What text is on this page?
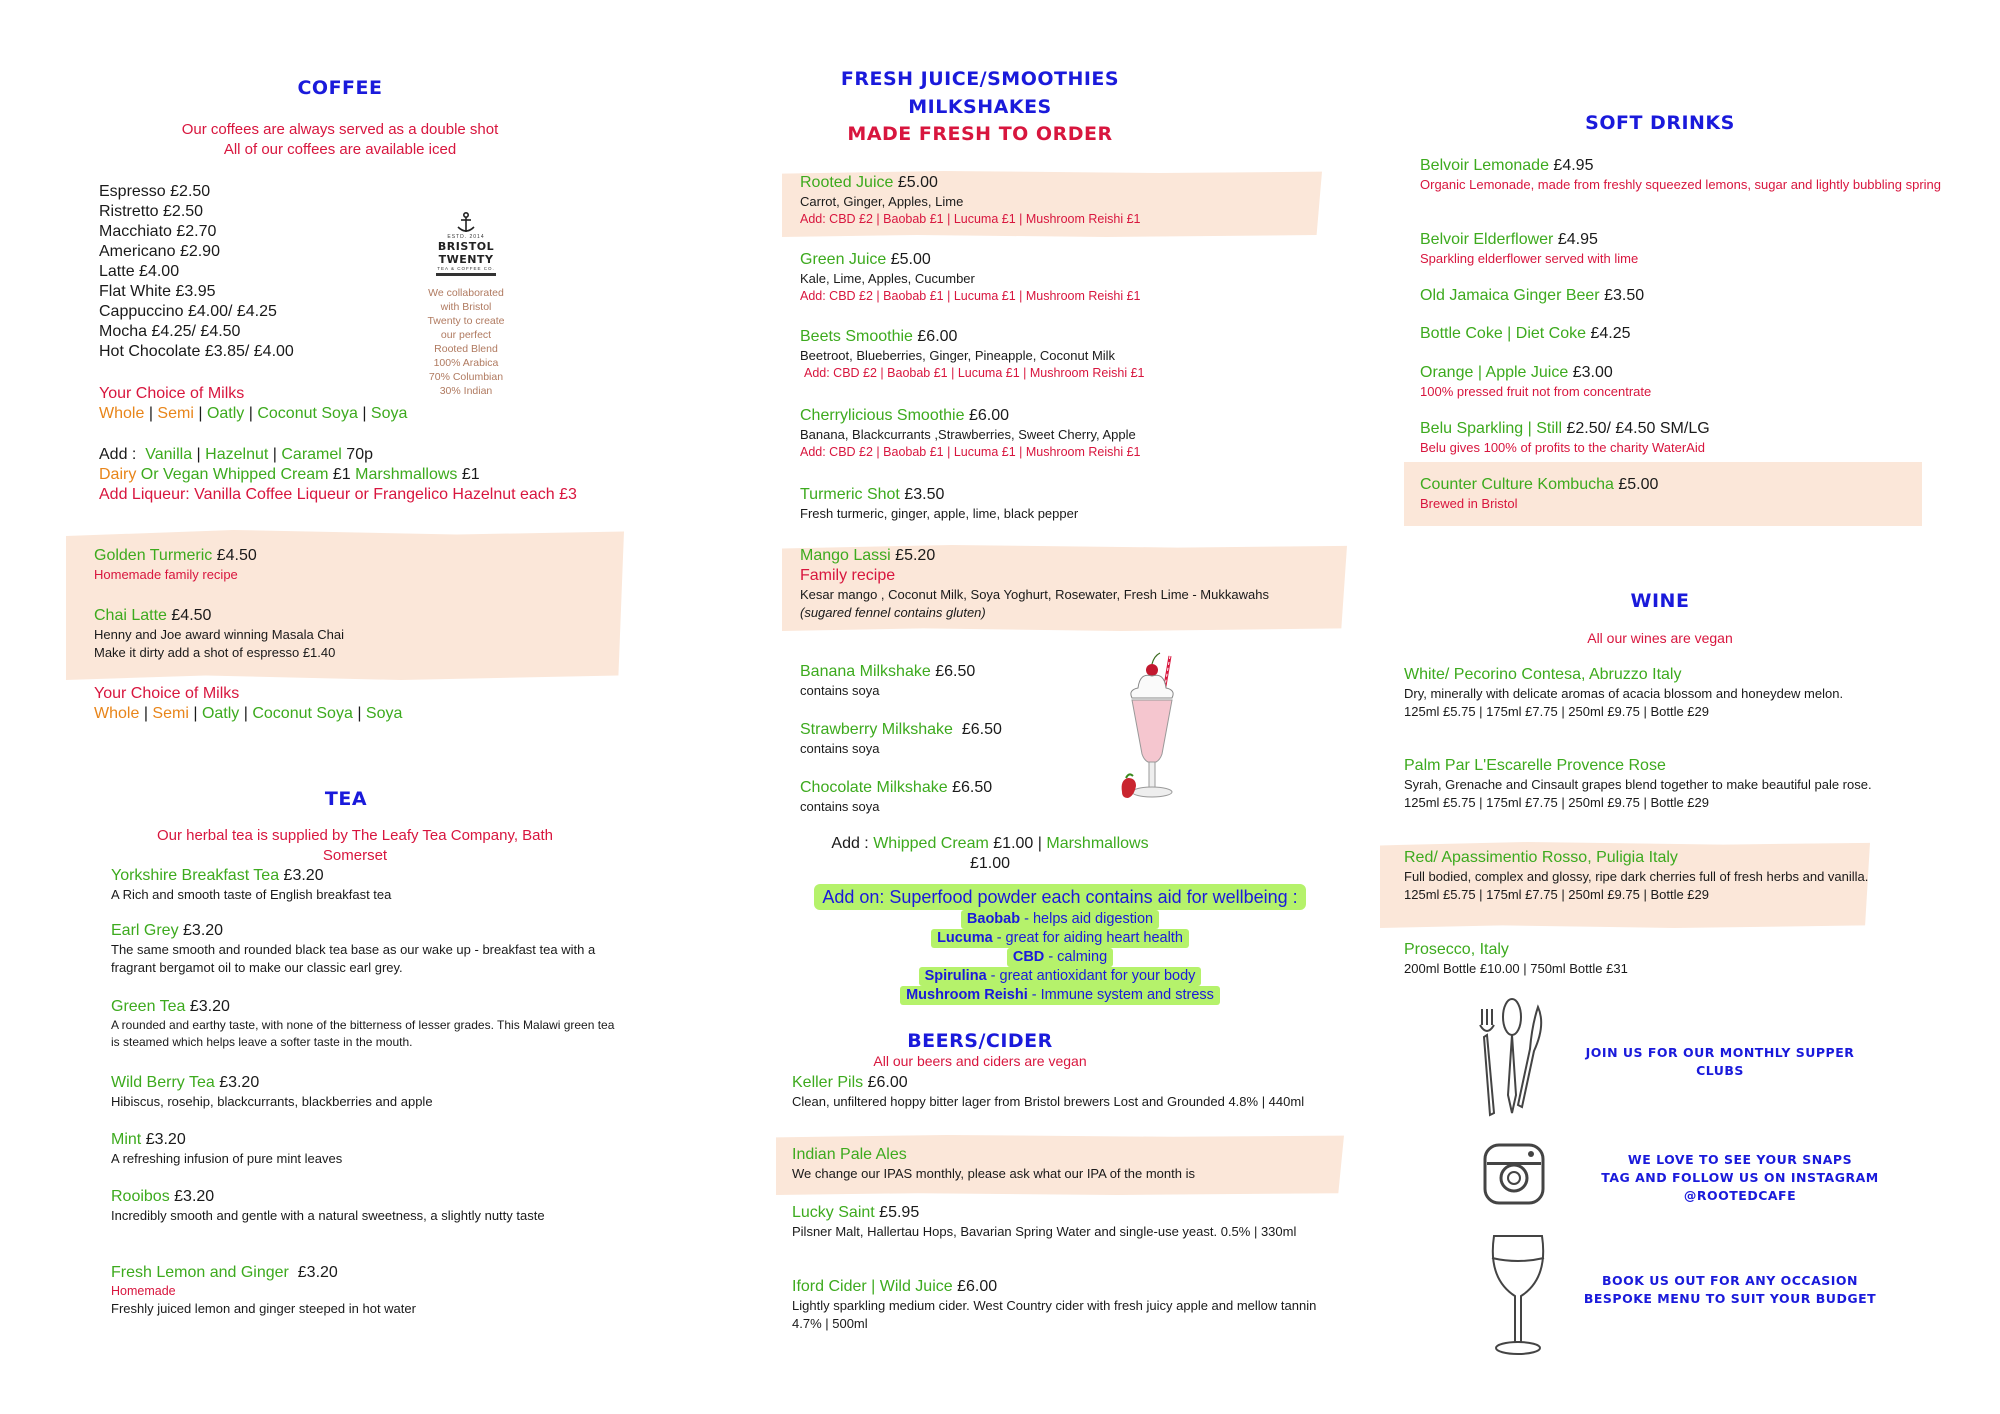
COFFEE
Our coffees are always served as a double shot
All of our coffees are available iced
Espresso £2.50
Ristretto £2.50
Macchiato £2.70
Americano £2.90
Latte £4.00
Flat White £3.95
Cappuccino £4.00/ £4.25
Mocha £4.25/ £4.50
Hot Chocolate £3.85/ £4.00
ESTD. 2014
BRISTOL TWENTY
TEA & COFFEE CO.
We collaborated
with Bristol
Twenty to create
our perfect
Rooted Blend
100% Arabica
70% Columbian
30% Indian
Your Choice of Milks
Whole | Semi | Oatly | Coconut Soya | Soya
Add : Vanilla | Hazelnut | Caramel 70p
Dairy Or Vegan Whipped Cream £1 Marshmallows £1
Add Liqueur: Vanilla Coffee Liqueur or Frangelico Hazelnut each £3
Golden Turmeric £4.50
Homemade family recipe
Chai Latte £4.50
Henny and Joe award winning Masala Chai
Make it dirty add a shot of espresso £1.40
Your Choice of Milks
Whole | Semi | Oatly | Coconut Soya | Soya
TEA
Our herbal tea is supplied by The Leafy Tea Company, Bath
Somerset
Yorkshire Breakfast Tea £3.20
A Rich and smooth taste of English breakfast tea
Earl Grey £3.20
The same smooth and rounded black tea base as our wake up - breakfast tea with a fragrant bergamot oil to make our classic earl grey.
Green Tea £3.20
A rounded and earthy taste, with none of the bitterness of lesser grades. This Malawi green tea is steamed which helps leave a softer taste in the mouth.
Wild Berry Tea £3.20
Hibiscus, rosehip, blackcurrants, blackberries and apple
Mint £3.20
A refreshing infusion of pure mint leaves
Rooibos £3.20
Incredibly smooth and gentle with a natural sweetness, a slightly nutty taste
Fresh Lemon and Ginger £3.20
Homemade
Freshly juiced lemon and ginger steeped in hot water
FRESH JUICE/SMOOTHIES
MILKSHAKES
MADE FRESH TO ORDER
Rooted Juice £5.00
Carrot, Ginger, Apples, Lime
Add: CBD £2 | Baobab £1 | Lucuma £1 | Mushroom Reishi £1
Green Juice £5.00
Kale, Lime, Apples, Cucumber
Add: CBD £2 | Baobab £1 | Lucuma £1 | Mushroom Reishi £1
Beets Smoothie £6.00
Beetroot, Blueberries, Ginger, Pineapple, Coconut Milk
Add: CBD £2 | Baobab £1 | Lucuma £1 | Mushroom Reishi £1
Cherrylicious Smoothie £6.00
Banana, Blackcurrants ,Strawberries, Sweet Cherry, Apple
Add: CBD £2 | Baobab £1 | Lucuma £1 | Mushroom Reishi £1
Turmeric Shot £3.50
Fresh turmeric, ginger, apple, lime, black pepper
Mango Lassi £5.20
Family recipe
Kesar mango , Coconut Milk, Soya Yoghurt, Rosewater, Fresh Lime - Mukkawahs  (sugared fennel contains gluten)
Banana Milkshake £6.50
contains soya
Strawberry Milkshake £6.50
contains soya
Chocolate Milkshake £6.50
contains soya
Add : Whipped Cream £1.00 | Marshmallows
£1.00
Add on: Superfood powder each contains aid for wellbeing :
Baobab - helps aid digestion
Lucuma - great for aiding heart health
CBD - calming
Spirulina - great antioxidant for your body
Mushroom Reishi - Immune system and stress
BEERS/CIDER
All our beers and ciders are vegan
Keller Pils £6.00
Clean, unfiltered hoppy bitter lager from Bristol brewers Lost and Grounded 4.8% | 440ml
Indian Pale Ales
We change our IPAS monthly, please ask what our IPA of the month is
Lucky Saint £5.95
Pilsner Malt, Hallertau Hops, Bavarian Spring Water and single-use yeast. 0.5% | 330ml
Iford Cider | Wild Juice £6.00
Lightly sparkling medium cider. West Country cider with fresh juicy apple and mellow tannin 4.7% | 500ml
SOFT DRINKS
Belvoir Lemonade £4.95
Organic Lemonade, made from freshly squeezed lemons, sugar and lightly bubbling spring
Belvoir Elderflower £4.95
Sparkling elderflower served with lime
Old Jamaica Ginger Beer £3.50
Bottle Coke | Diet Coke £4.25
Orange | Apple Juice £3.00
100% pressed fruit not from concentrate
Belu Sparkling | Still £2.50/ £4.50 SM/LG
Belu gives 100% of profits to the charity WaterAid
Counter Culture Kombucha £5.00
Brewed in Bristol
WINE
All our wines are vegan
White/ Pecorino Contesa, Abruzzo Italy
Dry, minerally with delicate aromas of acacia blossom and honeydew melon.
125ml £5.75 | 175ml £7.75 | 250ml £9.75 | Bottle £29
Palm Par L'Escarelle Provence Rose
Syrah, Grenache and Cinsault grapes blend together to make beautiful pale rose.
125ml £5.75 | 175ml £7.75 | 250ml £9.75 | Bottle £29
Red/ Apassimentio Rosso, Puligia Italy
Full bodied, complex and glossy, ripe dark cherries full of fresh herbs and vanilla.
125ml £5.75 | 175ml £7.75 | 250ml £9.75 | Bottle £29
Prosecco, Italy
200ml Bottle £10.00 | 750ml Bottle £31
JOIN US FOR OUR MONTHLY SUPPER CLUBS
WE LOVE TO SEE YOUR SNAPS
TAG AND FOLLOW US ON INSTAGRAM
@ROOTEDCAFE
BOOK US OUT FOR ANY OCCASION
BESPOKE MENU TO SUIT YOUR BUDGET
